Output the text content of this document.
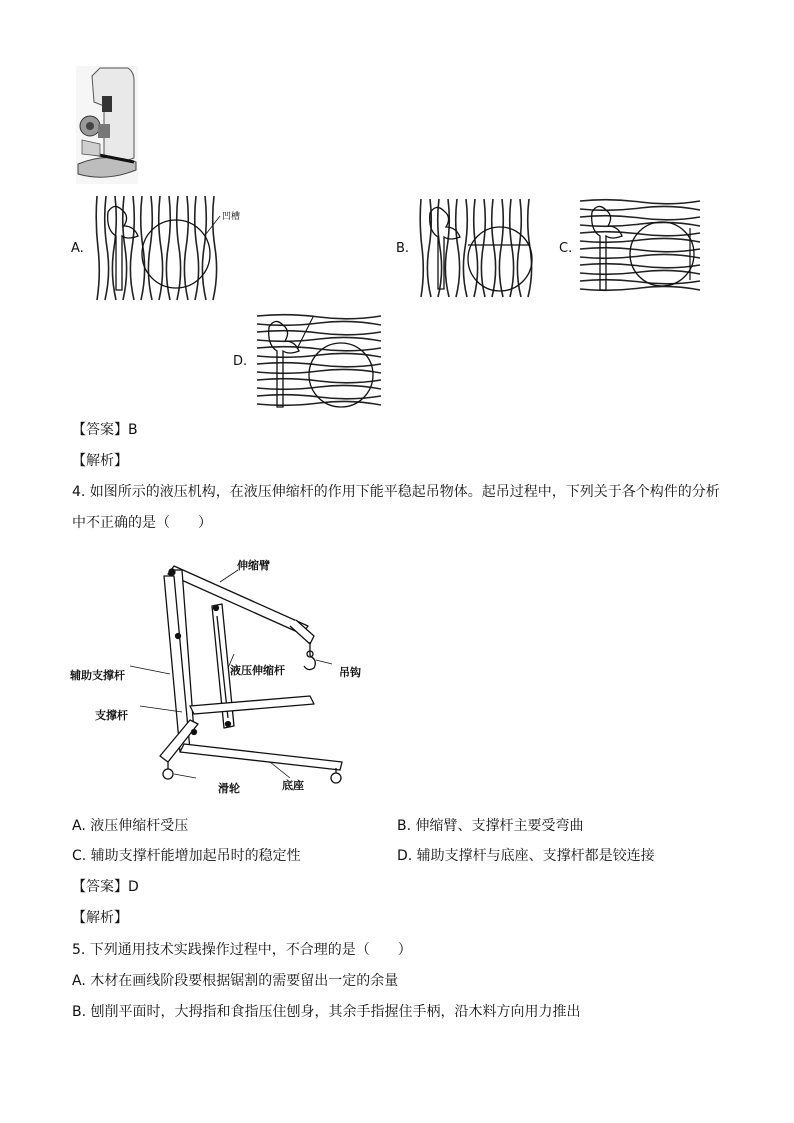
A.	B.	C.
D.
凹槽
【答案】B
【解析】
4. 如图所示的液压机构，在液压伸缩杆的作用下能平稳起吊物体。起吊过程中，下列关于各个构件的分析
中不正确的是（　　）
伸缩臂
辅助支撑杆	液压伸缩杆	吊钩
支撑杆
滑轮	底座
A. 液压伸缩杆受压	B. 伸缩臂、支撑杆主要受弯曲
C. 辅助支撑杆能增加起吊时的稳定性	D. 辅助支撑杆与底座、支撑杆都是铰连接
【答案】D
【解析】
5. 下列通用技术实践操作过程中，不合理的是（　　）
A. 木材在画线阶段要根据锯割的需要留出一定的余量
B. 刨削平面时，大拇指和食指压住刨身，其余手指握住手柄，沿木料方向用力推出
